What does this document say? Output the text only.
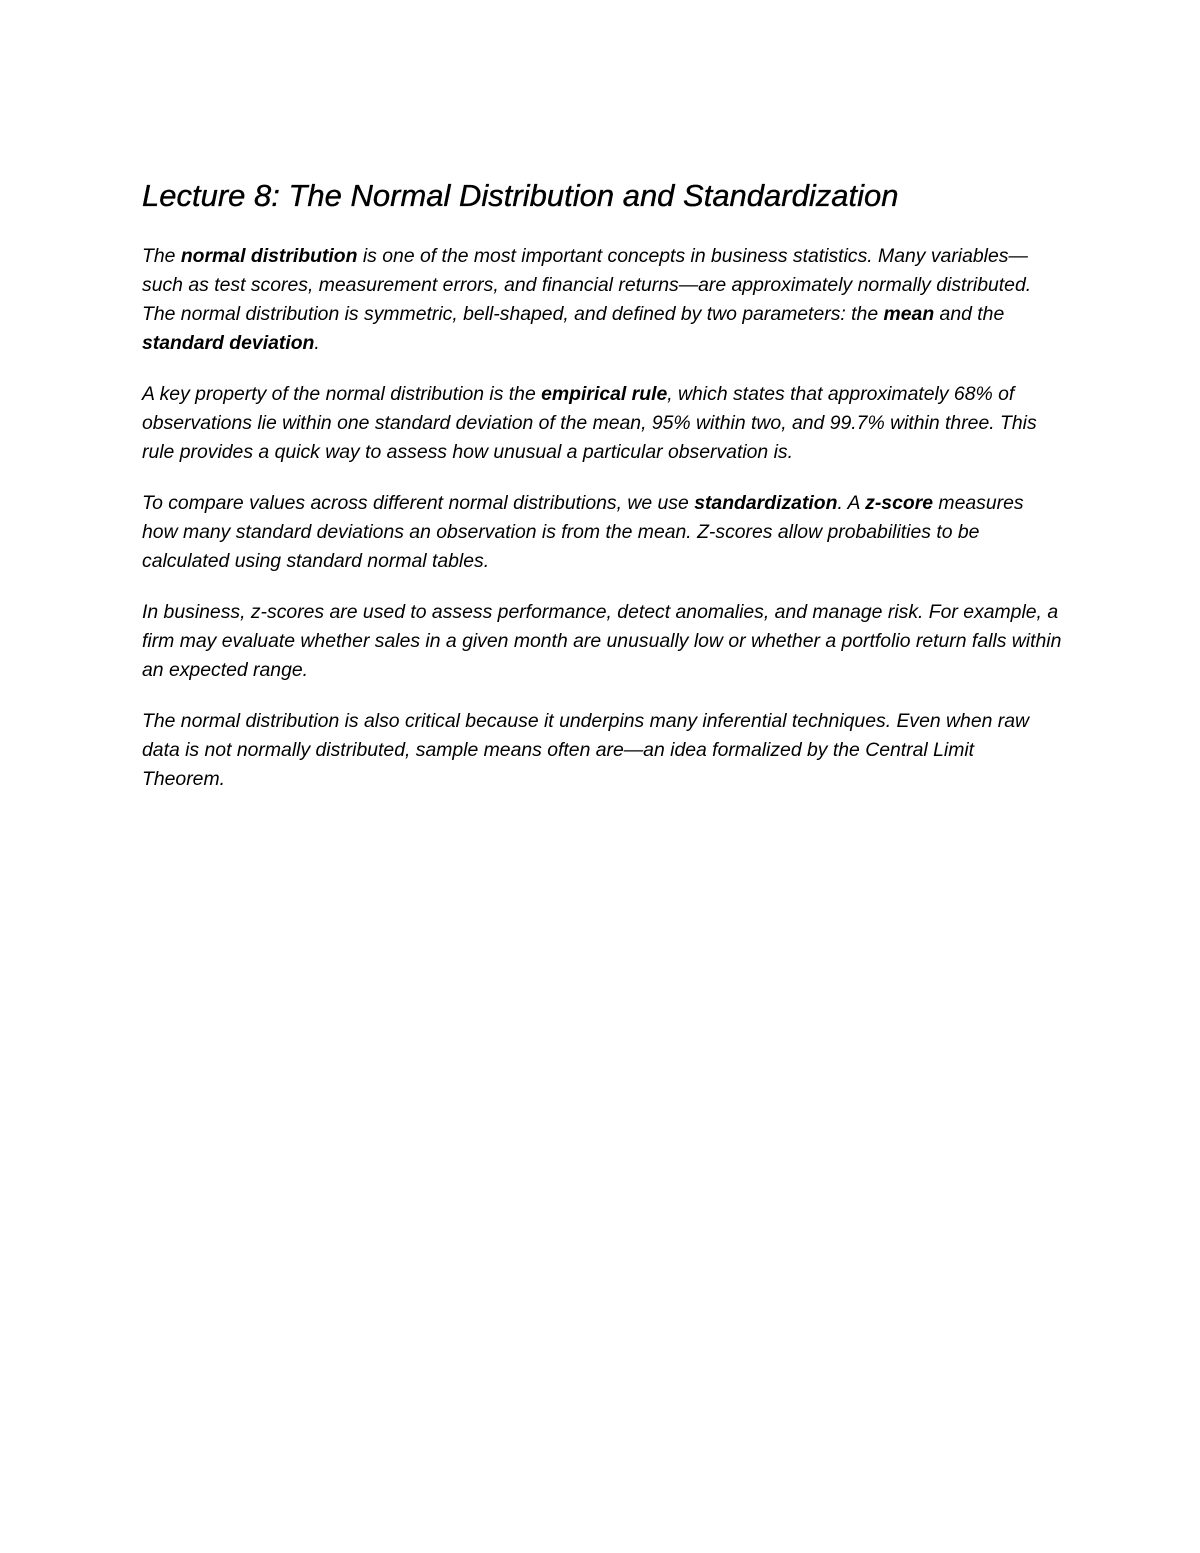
Lecture 8: The Normal Distribution and Standardization

The normal distribution is one of the most important concepts in business statistics. Many variables—such as test scores, measurement errors, and financial returns—are approximately normally distributed. The normal distribution is symmetric, bell-shaped, and defined by two parameters: the mean and the standard deviation.

A key property of the normal distribution is the empirical rule, which states that approximately 68% of observations lie within one standard deviation of the mean, 95% within two, and 99.7% within three. This rule provides a quick way to assess how unusual a particular observation is.

To compare values across different normal distributions, we use standardization. A z-score measures how many standard deviations an observation is from the mean. Z-scores allow probabilities to be calculated using standard normal tables.

In business, z-scores are used to assess performance, detect anomalies, and manage risk. For example, a firm may evaluate whether sales in a given month are unusually low or whether a portfolio return falls within an expected range.

The normal distribution is also critical because it underpins many inferential techniques. Even when raw data is not normally distributed, sample means often are—an idea formalized by the Central Limit Theorem.
